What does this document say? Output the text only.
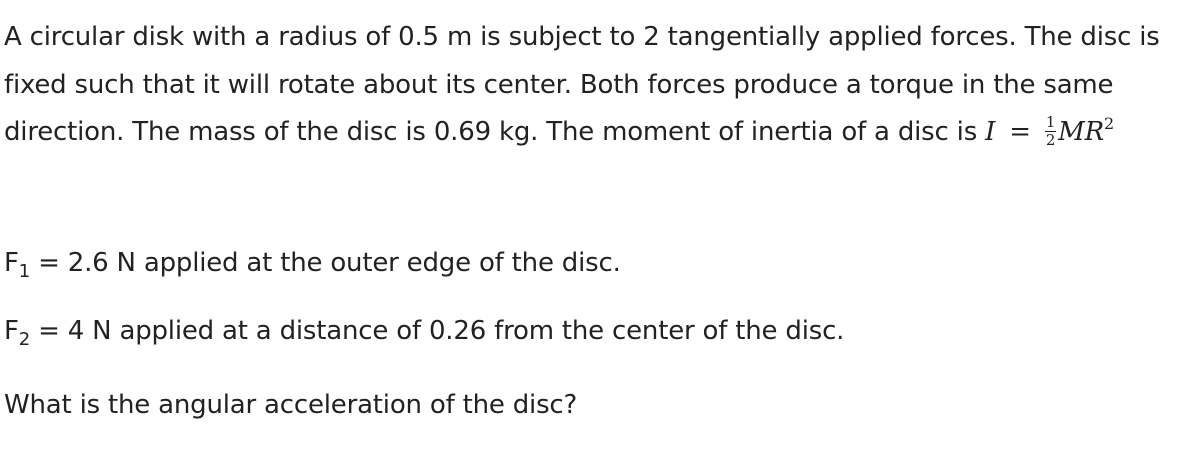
A circular disk with a radius of 0.5 m is subject to 2 tangentially applied forces. The disc is fixed such that it will rotate about its center. Both forces produce a torque in the same direction. The mass of the disc is 0.69 kg. The moment of inertia of a disc is $I = \frac{1}{2} MR^2$

$F_1 = 2.6$ N applied at the outer edge of the disc.

$F_2 = 4$ N applied at a distance of 0.26 from the center of the disc.

What is the angular acceleration of the disc?
